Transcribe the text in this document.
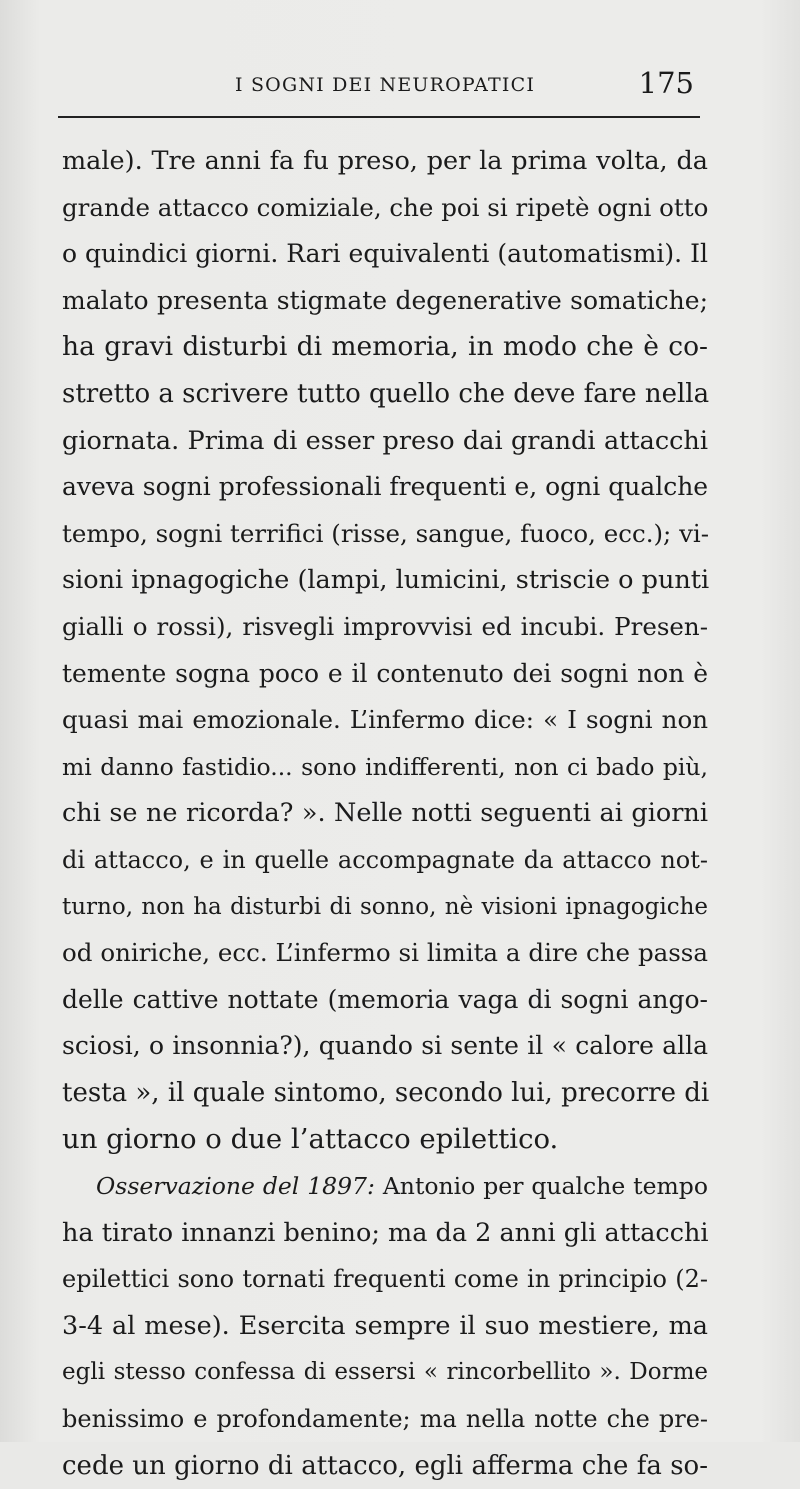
I SOGNI DEI NEUROPATICI	175
male). Tre anni fa fu preso, per la prima volta, da
grande attacco comiziale, che poi si ripetè ogni otto
o quindici giorni. Rari equivalenti (automatismi). Il
malato presenta stigmate degenerative somatiche;
ha gravi disturbi di memoria, in modo che è co-
stretto a scrivere tutto quello che deve fare nella
giornata. Prima di esser preso dai grandi attacchi
aveva sogni professionali frequenti e, ogni qualche
tempo, sogni terrifici (risse, sangue, fuoco, ecc.); vi-
sioni ipnagogiche (lampi, lumicini, striscie o punti
gialli o rossi), risvegli improvvisi ed incubi. Presen-
temente sogna poco e il contenuto dei sogni non è
quasi mai emozionale. L’infermo dice: « I sogni non
mi danno fastidio... sono indifferenti, non ci bado più,
chi se ne ricorda? ». Nelle notti seguenti ai giorni
di attacco, e in quelle accompagnate da attacco not-
turno, non ha disturbi di sonno, nè visioni ipnagogiche
od oniriche, ecc. L’infermo si limita a dire che passa
delle cattive nottate (memoria vaga di sogni ango-
sciosi, o insonnia?), quando si sente il « calore alla
testa », il quale sintomo, secondo lui, precorre di
un giorno o due l’attacco epilettico.
Osservazione del 1897: Antonio per qualche tempo
ha tirato innanzi benino; ma da 2 anni gli attacchi
epilettici sono tornati frequenti come in principio (2-
3-4 al mese). Esercita sempre il suo mestiere, ma
egli stesso confessa di essersi « rincorbellito ». Dorme
benissimo e profondamente; ma nella notte che pre-
cede un giorno di attacco, egli afferma che fa so-
